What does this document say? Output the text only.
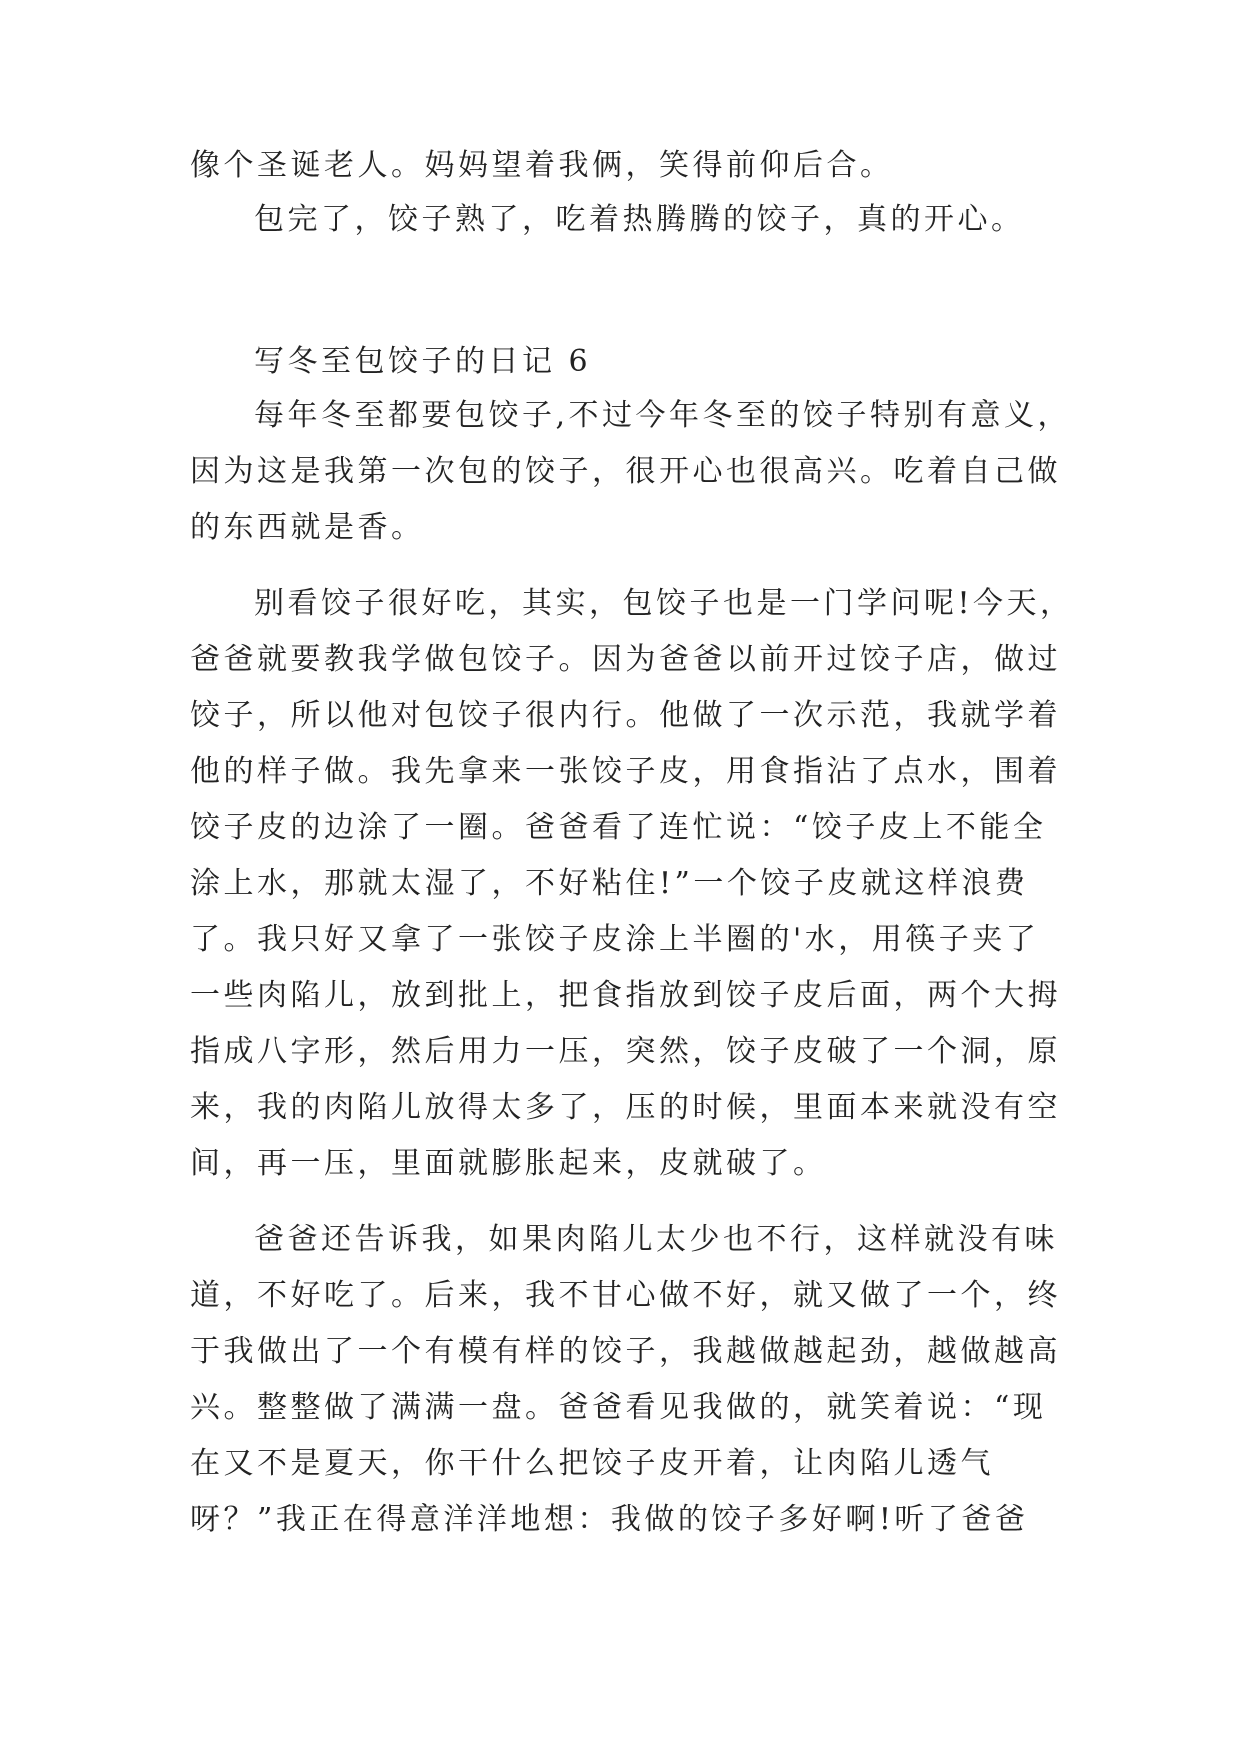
像个圣诞老人。妈妈望着我俩，笑得前仰后合。
包完了，饺子熟了，吃着热腾腾的饺子，真的开心。
写冬至包饺子的日记 6
每年冬至都要包饺子,不过今年冬至的饺子特别有意义，
因为这是我第一次包的饺子，很开心也很高兴。吃着自己做
的东西就是香。
别看饺子很好吃，其实，包饺子也是一门学问呢!今天，
爸爸就要教我学做包饺子。因为爸爸以前开过饺子店，做过
饺子，所以他对包饺子很内行。他做了一次示范，我就学着
他的样子做。我先拿来一张饺子皮，用食指沾了点水，围着
饺子皮的边涂了一圈。爸爸看了连忙说：“饺子皮上不能全
涂上水，那就太湿了，不好粘住!”一个饺子皮就这样浪费
了。我只好又拿了一张饺子皮涂上半圈的'水，用筷子夹了
一些肉陷儿，放到批上，把食指放到饺子皮后面，两个大拇
指成八字形，然后用力一压，突然，饺子皮破了一个洞，原
来，我的肉陷儿放得太多了，压的时候，里面本来就没有空
间，再一压，里面就膨胀起来，皮就破了。
爸爸还告诉我，如果肉陷儿太少也不行，这样就没有味
道，不好吃了。后来，我不甘心做不好，就又做了一个，终
于我做出了一个有模有样的饺子，我越做越起劲，越做越高
兴。整整做了满满一盘。爸爸看见我做的，就笑着说：“现
在又不是夏天，你干什么把饺子皮开着，让肉陷儿透气
呀？”我正在得意洋洋地想：我做的饺子多好啊!听了爸爸
